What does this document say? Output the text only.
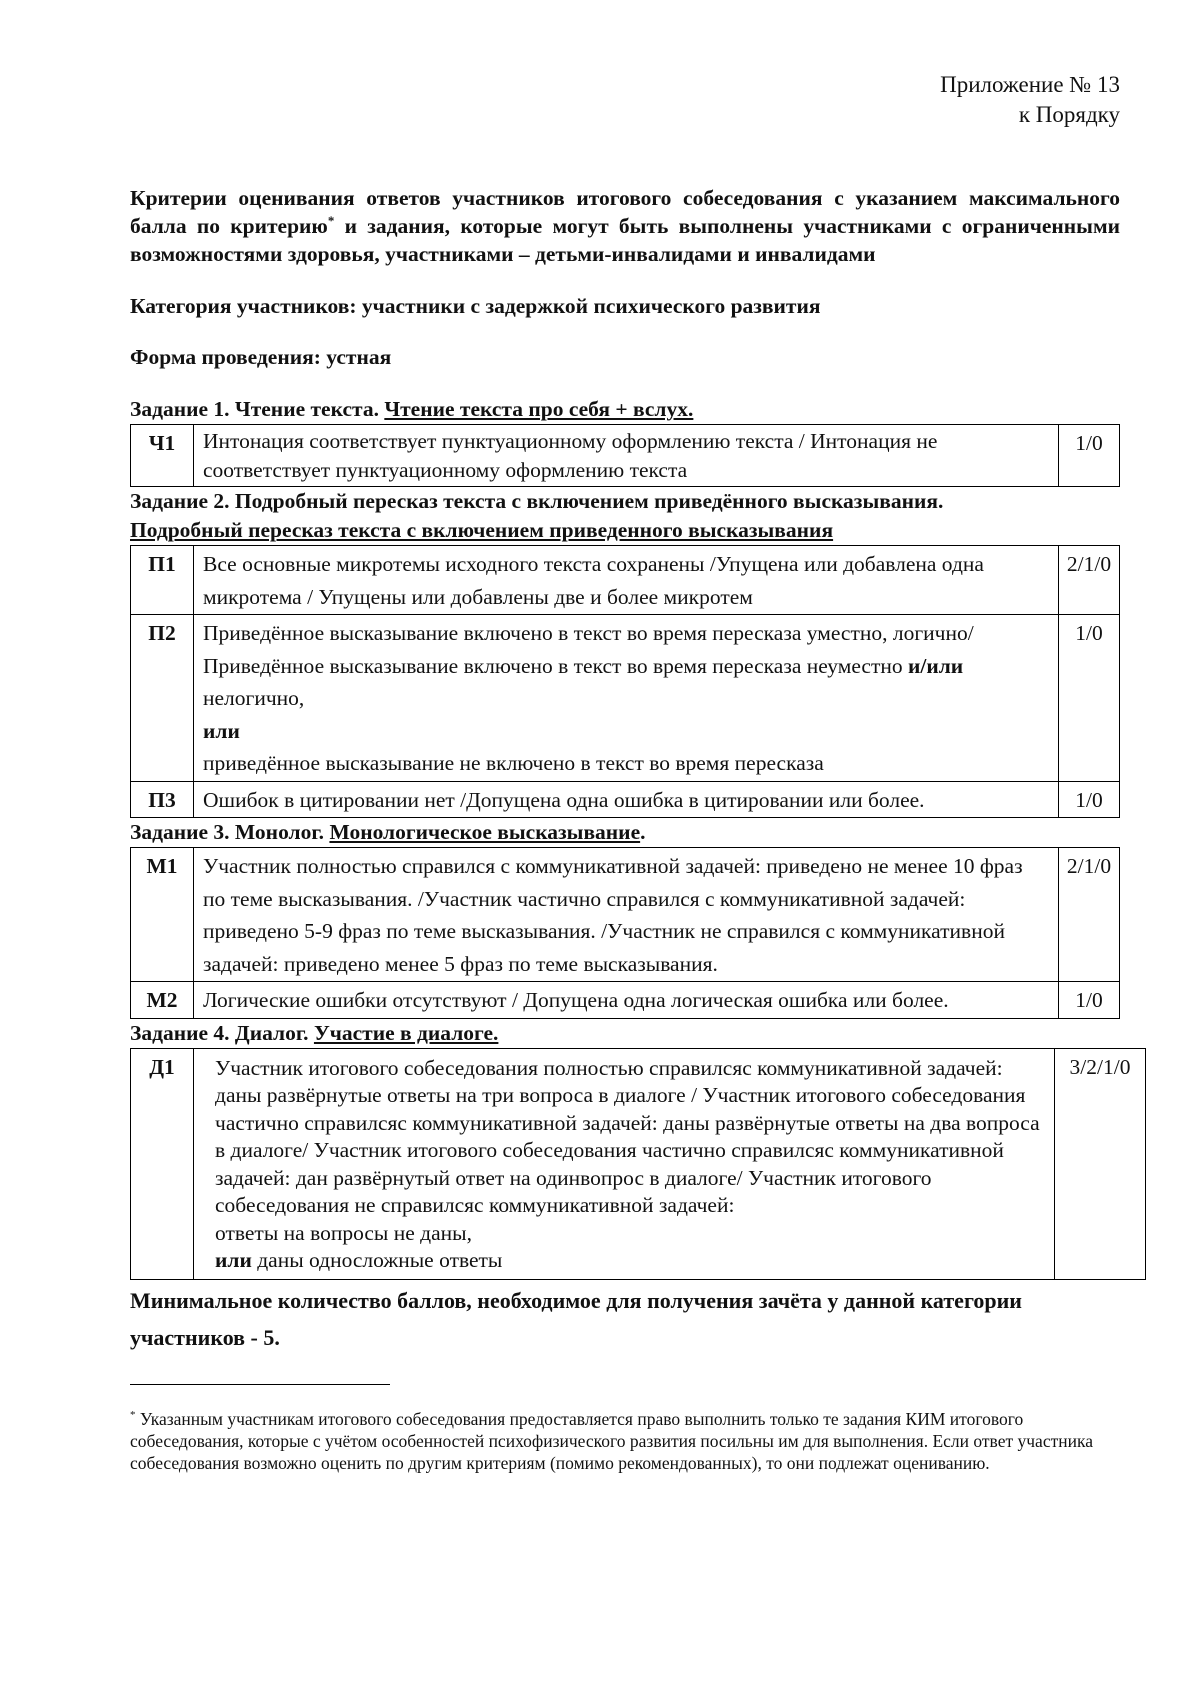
Приложение № 13
к Порядку
Критерии оценивания ответов участников итогового собеседования с указанием максимального балла по критерию* и задания, которые могут быть выполнены участниками с ограниченными возможностями здоровья, участниками – детьми-инвалидами и инвалидами
Категория участников: участники с задержкой психического развития
Форма проведения: устная
Задание 1. Чтение текста. Чтение текста про себя + вслух.
Ч1	Интонация соответствует пунктуационному оформлению текста / Интонация не соответствует пунктуационному оформлению текста	1/0
Задание 2. Подробный пересказ текста с включением приведённого высказывания.
Подробный пересказ текста с включением приведенного высказывания
П1	Все основные микротемы исходного текста сохранены /Упущена или добавлена одна микротема / Упущены или добавлены две и более микротем	2/1/0
П2	Приведённое высказывание включено в текст во время пересказа уместно, логично/ Приведённое высказывание включено в текст во время пересказа неуместно и/или нелогично,
или
приведённое высказывание не включено в текст во время пересказа	1/0
П3	Ошибок в цитировании нет /Допущена одна ошибка в цитировании или более.	1/0
Задание 3. Монолог. Монологическое высказывание.
М1	Участник полностью справился с коммуникативной задачей: приведено не менее 10 фраз по теме высказывания. /Участник частично справился с коммуникативной задачей: приведено 5-9 фраз по теме высказывания. /Участник не справился с коммуникативной задачей: приведено менее 5 фраз по теме высказывания.	2/1/0
М2	Логические ошибки отсутствуют / Допущена одна логическая ошибка или более.	1/0
Задание 4. Диалог. Участие в диалоге.
Д1	Участник итогового собеседования полностью справилсяс коммуникативной задачей: даны развёрнутые ответы на три вопроса в диалоге / Участник итогового собеседования частично справилсяс коммуникативной задачей: даны развёрнутые ответы на два вопроса в диалоге/ Участник итогового собеседования частично справилсяс коммуникативной задачей: дан развёрнутый ответ на одинвопрос в диалоге/ Участник итогового собеседования не справилсяс коммуникативной задачей:
ответы на вопросы не даны,
или даны односложные ответы	3/2/1/0
Минимальное количество баллов, необходимое для получения зачёта у данной категории участников - 5.
* Указанным участникам итогового собеседования предоставляется право выполнить только те задания КИМ итогового собеседования, которые с учётом особенностей психофизического развития посильны им для выполнения. Если ответ участника собеседования возможно оценить по другим критериям (помимо рекомендованных), то они подлежат оцениванию.
